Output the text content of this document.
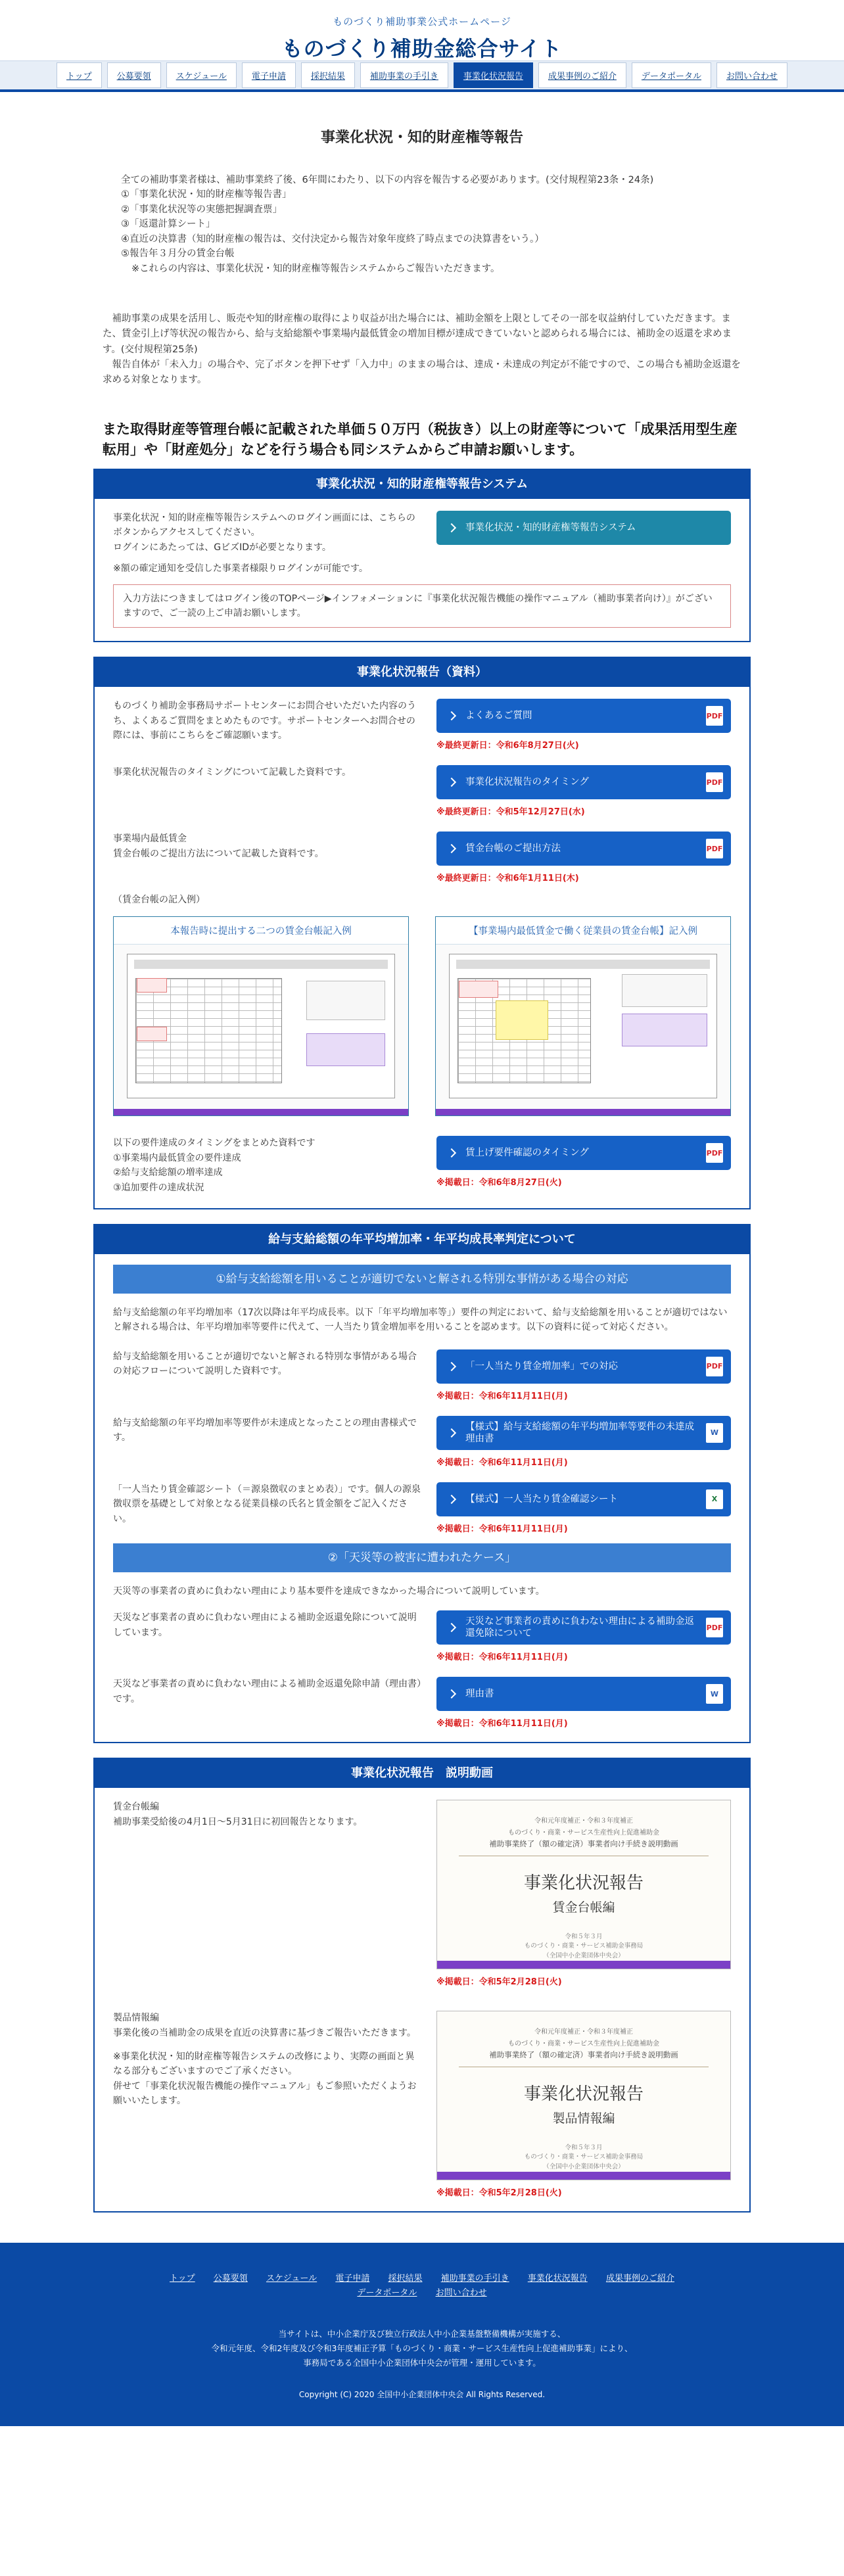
ものづくり補助事業公式ホームページ
ものづくり補助金総合サイト
トップ	公募要領	スケジュール	電子申請	採択結果	補助事業の手引き	事業化状況報告	成果事例のご紹介	データポータル	お問い合わせ
事業化状況・知的財産権等報告

全ての補助事業者様は、補助事業終了後、6年間にわたり、以下の内容を報告する必要があります。(交付規程第23条・24条)

①「事業化状況・知的財産権等報告書」

②「事業化状況等の実態把握調査票」

③「返還計算シート」

④直近の決算書（知的財産権の報告は、交付決定から報告対象年度終了時点までの決算書をいう。）

⑤報告年３月分の賃金台帳

※これらの内容は、事業化状況・知的財産権等報告システムからご報告いただきます。

補助事業の成果を活用し、販売や知的財産権の取得により収益が出た場合には、補助金額を上限としてその一部を収益納付していただきます。また、賃金引上げ等状況の報告から、給与支給総額や事業場内最低賃金の増加目標が達成できていないと認められる場合には、補助金の返還を求めます。(交付規程第25条)

報告自体が「未入力」の場合や、完了ボタンを押下せず「入力中」のままの場合は、達成・未達成の判定が不能ですので、この場合も補助金返還を求める対象となります。

また取得財産等管理台帳に記載された単価５０万円（税抜き）以上の財産等について「成果活用型生産転用」や「財産処分」などを行う場合も同システムからご申請お願いします。

事業化状況・知的財産権等報告システム

事業化状況・知的財産権等報告システムへのログイン画面には、こちらのボタンからアクセスしてください。

ログインにあたっては、GビズIDが必要となります。

※額の確定通知を受信した事業者様限りログインが可能です。

事業化状況・知的財産権等報告システム
入力方法につきましてはログイン後のTOPページ▶インフォメーションに『事業化状況報告機能の操作マニュアル（補助事業者向け）』がございますので、ご一読の上ご申請お願いします。
事業化状況報告（資料）
ものづくり補助金事務局サポートセンターにお問合せいただいた内容のうち、よくあるご質問をまとめたものです。サポートセンターへお問合せの際には、事前にこちらをご確認願います。
よくあるご質問	PDF
※最終更新日：令和6年8月27日(火)
事業化状況報告のタイミングについて記載した資料です。
事業化状況報告のタイミング	PDF
※最終更新日：令和5年12月27日(水)

事業場内最低賃金

賃金台帳のご提出方法について記載した資料です。	賃金台帳のご提出方法	PDF
※最終更新日：令和6年1月11日(木)
（賃金台帳の記入例）
本報告時に提出する二つの賃金台帳記入例	【事業場内最低賃金で働く従業員の賃金台帳】記入例

以下の要件達成のタイミングをまとめた資料です

①事業場内最低賃金の要件達成

②給与支給総額の増率達成

③追加要件の達成状況

賃上げ要件確認のタイミング	PDF
※掲載日：令和6年8月27日(火)
給与支給総額の年平均増加率・年平均成長率判定について
①給与支給総額を用いることが適切でないと解される特別な事情がある場合の対応

給与支給総額の年平均増加率（17次以降は年平均成長率。以下「年平均増加率等」）要件の判定において、給与支給総額を用いることが適切ではないと解される場合は、年平均増加率等要件に代えて、一人当たり賃金増加率を用いることを認めます。以下の資料に従って対応ください。

給与支給総額を用いることが適切でないと解される特別な事情がある場合の対応フローについて説明した資料です。	「一人当たり賃金増加率」での対応	PDF
※掲載日：令和6年11月11日(月)
給与支給総額の年平均増加率等要件が未達成となったことの理由書様式です。
【様式】給与支給総額の年平均増加率等要件の未達成理由書
W
※掲載日：令和6年11月11日(月)
「一人当たり賃金確認シート（＝源泉徴収のまとめ表）」です。個人の源泉徴収票を基礎として対象となる従業員様の氏名と賃金額をご記入ください。
【様式】一人当たり賃金確認シート	X
※掲載日：令和6年11月11日(月)
②「天災等の被害に遭われたケース」

天災等の事業者の責めに負わない理由により基本要件を達成できなかった場合について説明しています。

天災など事業者の責めに負わない理由による補助金返還免除について説明しています。
天災など事業者の責めに負わない理由による補助金返還免除について
PDF
※掲載日：令和6年11月11日(月)
天災など事業者の責めに負わない理由による補助金返還免除申請（理由書）です。	理由書	W
※掲載日：令和6年11月11日(月)
事業化状況報告　説明動画

賃金台帳編

補助事業受給後の4月1日～5月31日に初回報告となります。	令和元年度補正・令和３年度補正
ものづくり・商業・サービス生産性向上促進補助金
補助事業終了（額の確定済）事業者向け手続き説明動画
事業化状況報告
賃金台帳編
令和５年３月
ものづくり・商業・サービス補助金事務局
（全国中小企業団体中央会）
※掲載日：令和5年2月28日(火)

製品情報編

事業化後の当補助金の成果を直近の決算書に基づきご報告いただきます。

※事業化状況・知的財産権等報告システムの改修により、実際の画面と異なる部分もございますのでご了承ください。

併せて「事業化状況報告機能の操作マニュアル」もご参照いただくようお願いいたします。

令和元年度補正・令和３年度補正
ものづくり・商業・サービス生産性向上促進補助金
補助事業終了（額の確定済）事業者向け手続き説明動画
事業化状況報告
製品情報編
令和５年３月
ものづくり・商業・サービス補助金事務局
（全国中小企業団体中央会）
※掲載日：令和5年2月28日(火)
トップ 公募要領 スケジュール 電子申請 採択結果 補助事業の手引き 事業化状況報告 成果事例のご紹介
データポータル お問い合わせ
当サイトは、中小企業庁及び独立行政法人中小企業基盤整備機構が実施する、
令和元年度、令和2年度及び令和3年度補正予算「ものづくり・商業・サービス生産性向上促進補助事業」により、
事務局である全国中小企業団体中央会が管理・運用しています。
Copyright (C) 2020 全国中小企業団体中央会 All Rights Reserved.
